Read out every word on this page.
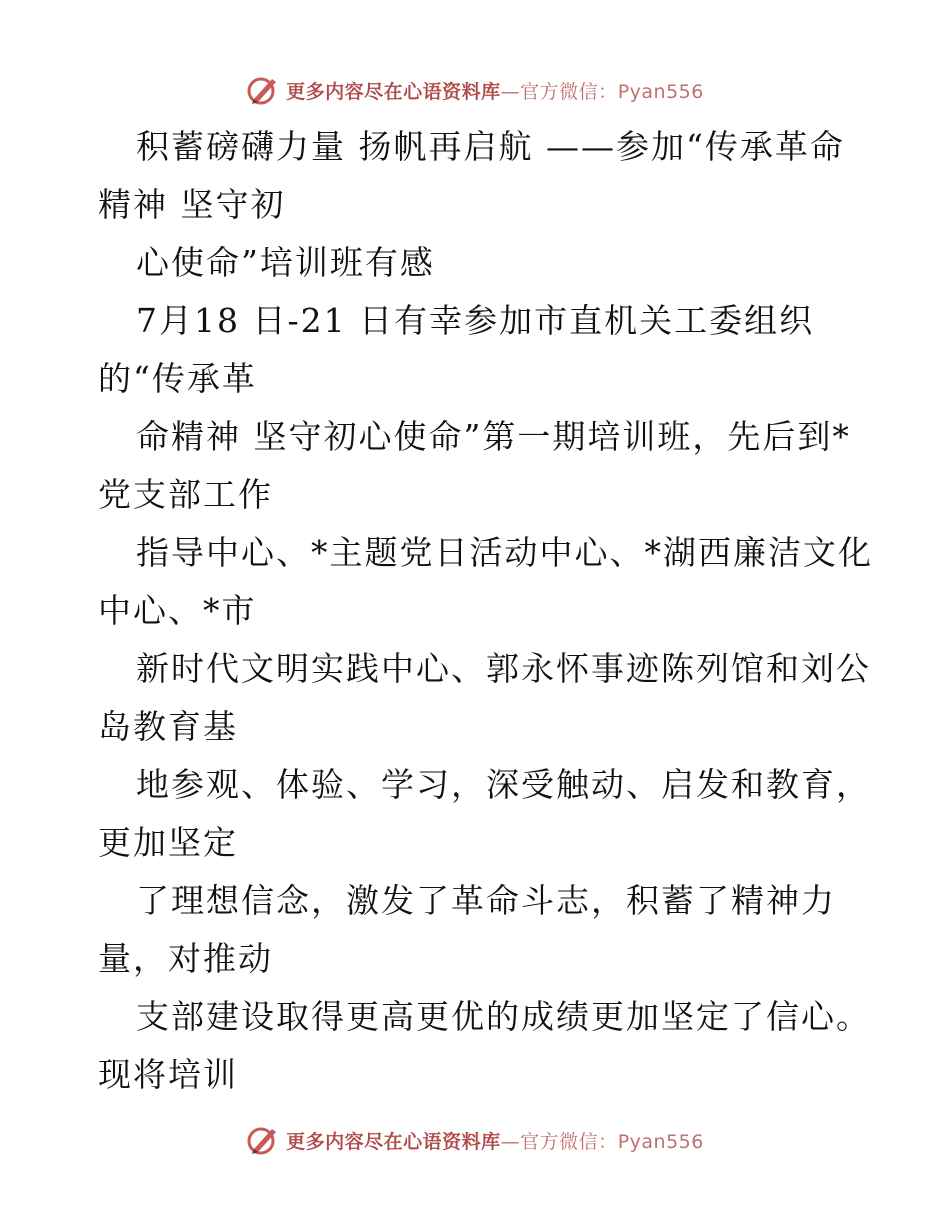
更多内容尽在心语资料库—官方微信：Pyan556
积蓄磅礴力量 扬帆再启航 ——参加“传承革命
精神 坚守初
心使命”培训班有感
7月18 日-21 日有幸参加市直机关工委组织
的“传承革
命精神 坚守初心使命”第一期培训班，先后到*
党支部工作
指导中心、*主题党日活动中心、*湖西廉洁文化
中心、*市
新时代文明实践中心、郭永怀事迹陈列馆和刘公
岛教育基
地参观、体验、学习，深受触动、启发和教育，
更加坚定
了理想信念，激发了革命斗志，积蓄了精神力
量，对推动
支部建设取得更高更优的成绩更加坚定了信心。
现将培训
更多内容尽在心语资料库—官方微信：Pyan556
